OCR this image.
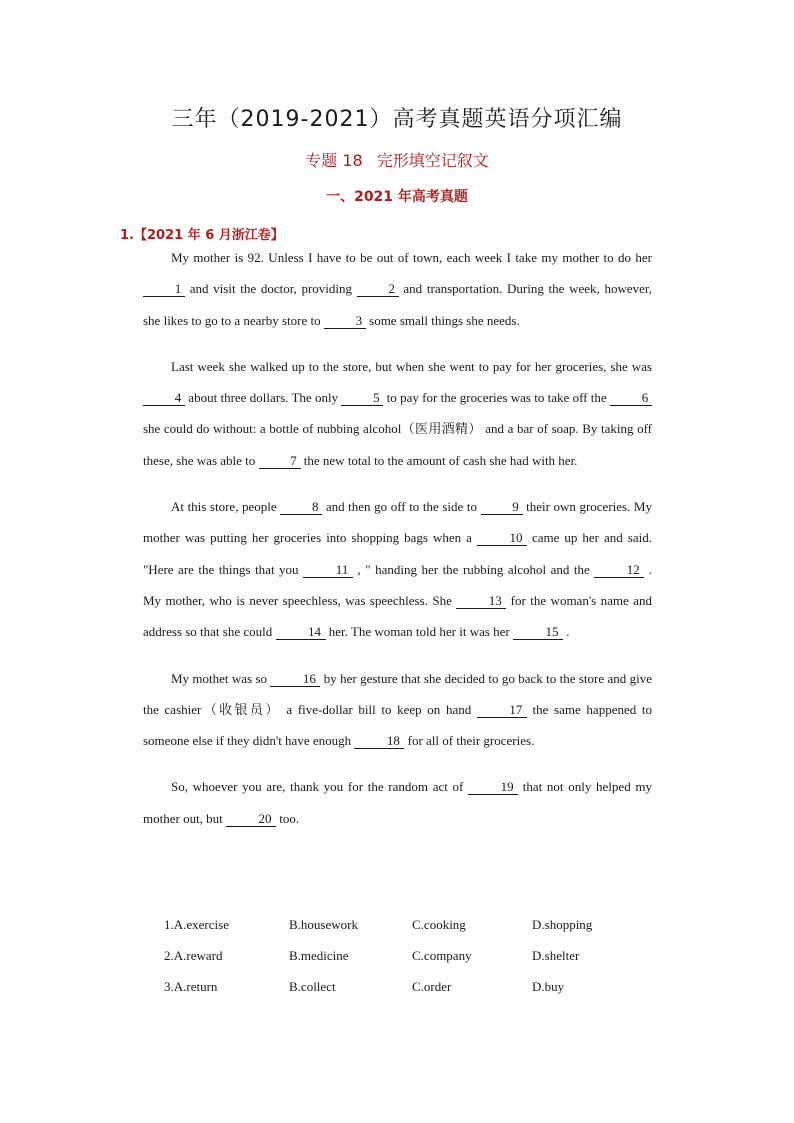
三年（2019-2021）高考真题英语分项汇编
专题 18 完形填空记叙文
一、2021 年高考真题
1.【2021 年 6 月浙江卷】

My mother is 92. Unless I have to be out of town, each week I take my mother to do her 1 and visit the doctor, providing 2 and transportation. During the week, however, she likes to go to a nearby store to 3 some small things she needs.

Last week she walked up to the store, but when she went to pay for her groceries, she was 4 about three dollars. The only 5 to pay for the groceries was to take off the 6 she could do without: a bottle of nubbing alcohol（医用酒精） and a bar of soap. By taking off these, she was able to 7 the new total to the amount of cash she had with her.

At this store, people 8 and then go off to the side to 9 their own groceries. My mother was putting her groceries into shopping bags when a	10 came up her and said. "Here are the things that you	11 , " handing her the rubbing alcohol and the	12 . My mother, who is never speechless, was speechless. She	13 for the woman's name and address so that she could	14 her. The woman told her it was her	15 .

My mothet was so	16 by her gesture that she decided to go back to the store and give the cashier（收银员） a five-dollar bill to keep on hand	17 the same happened to someone else if they didn't have enough	18 for all of their groceries.

So, whoever you are, thank you for the random act of	19 that not only helped my mother out, but	20 too.

1.A.exercise	B.housework	C.cooking	D.shopping
2.A.reward	B.medicine	C.company	D.shelter
3.A.return	B.collect	C.order	D.buy
